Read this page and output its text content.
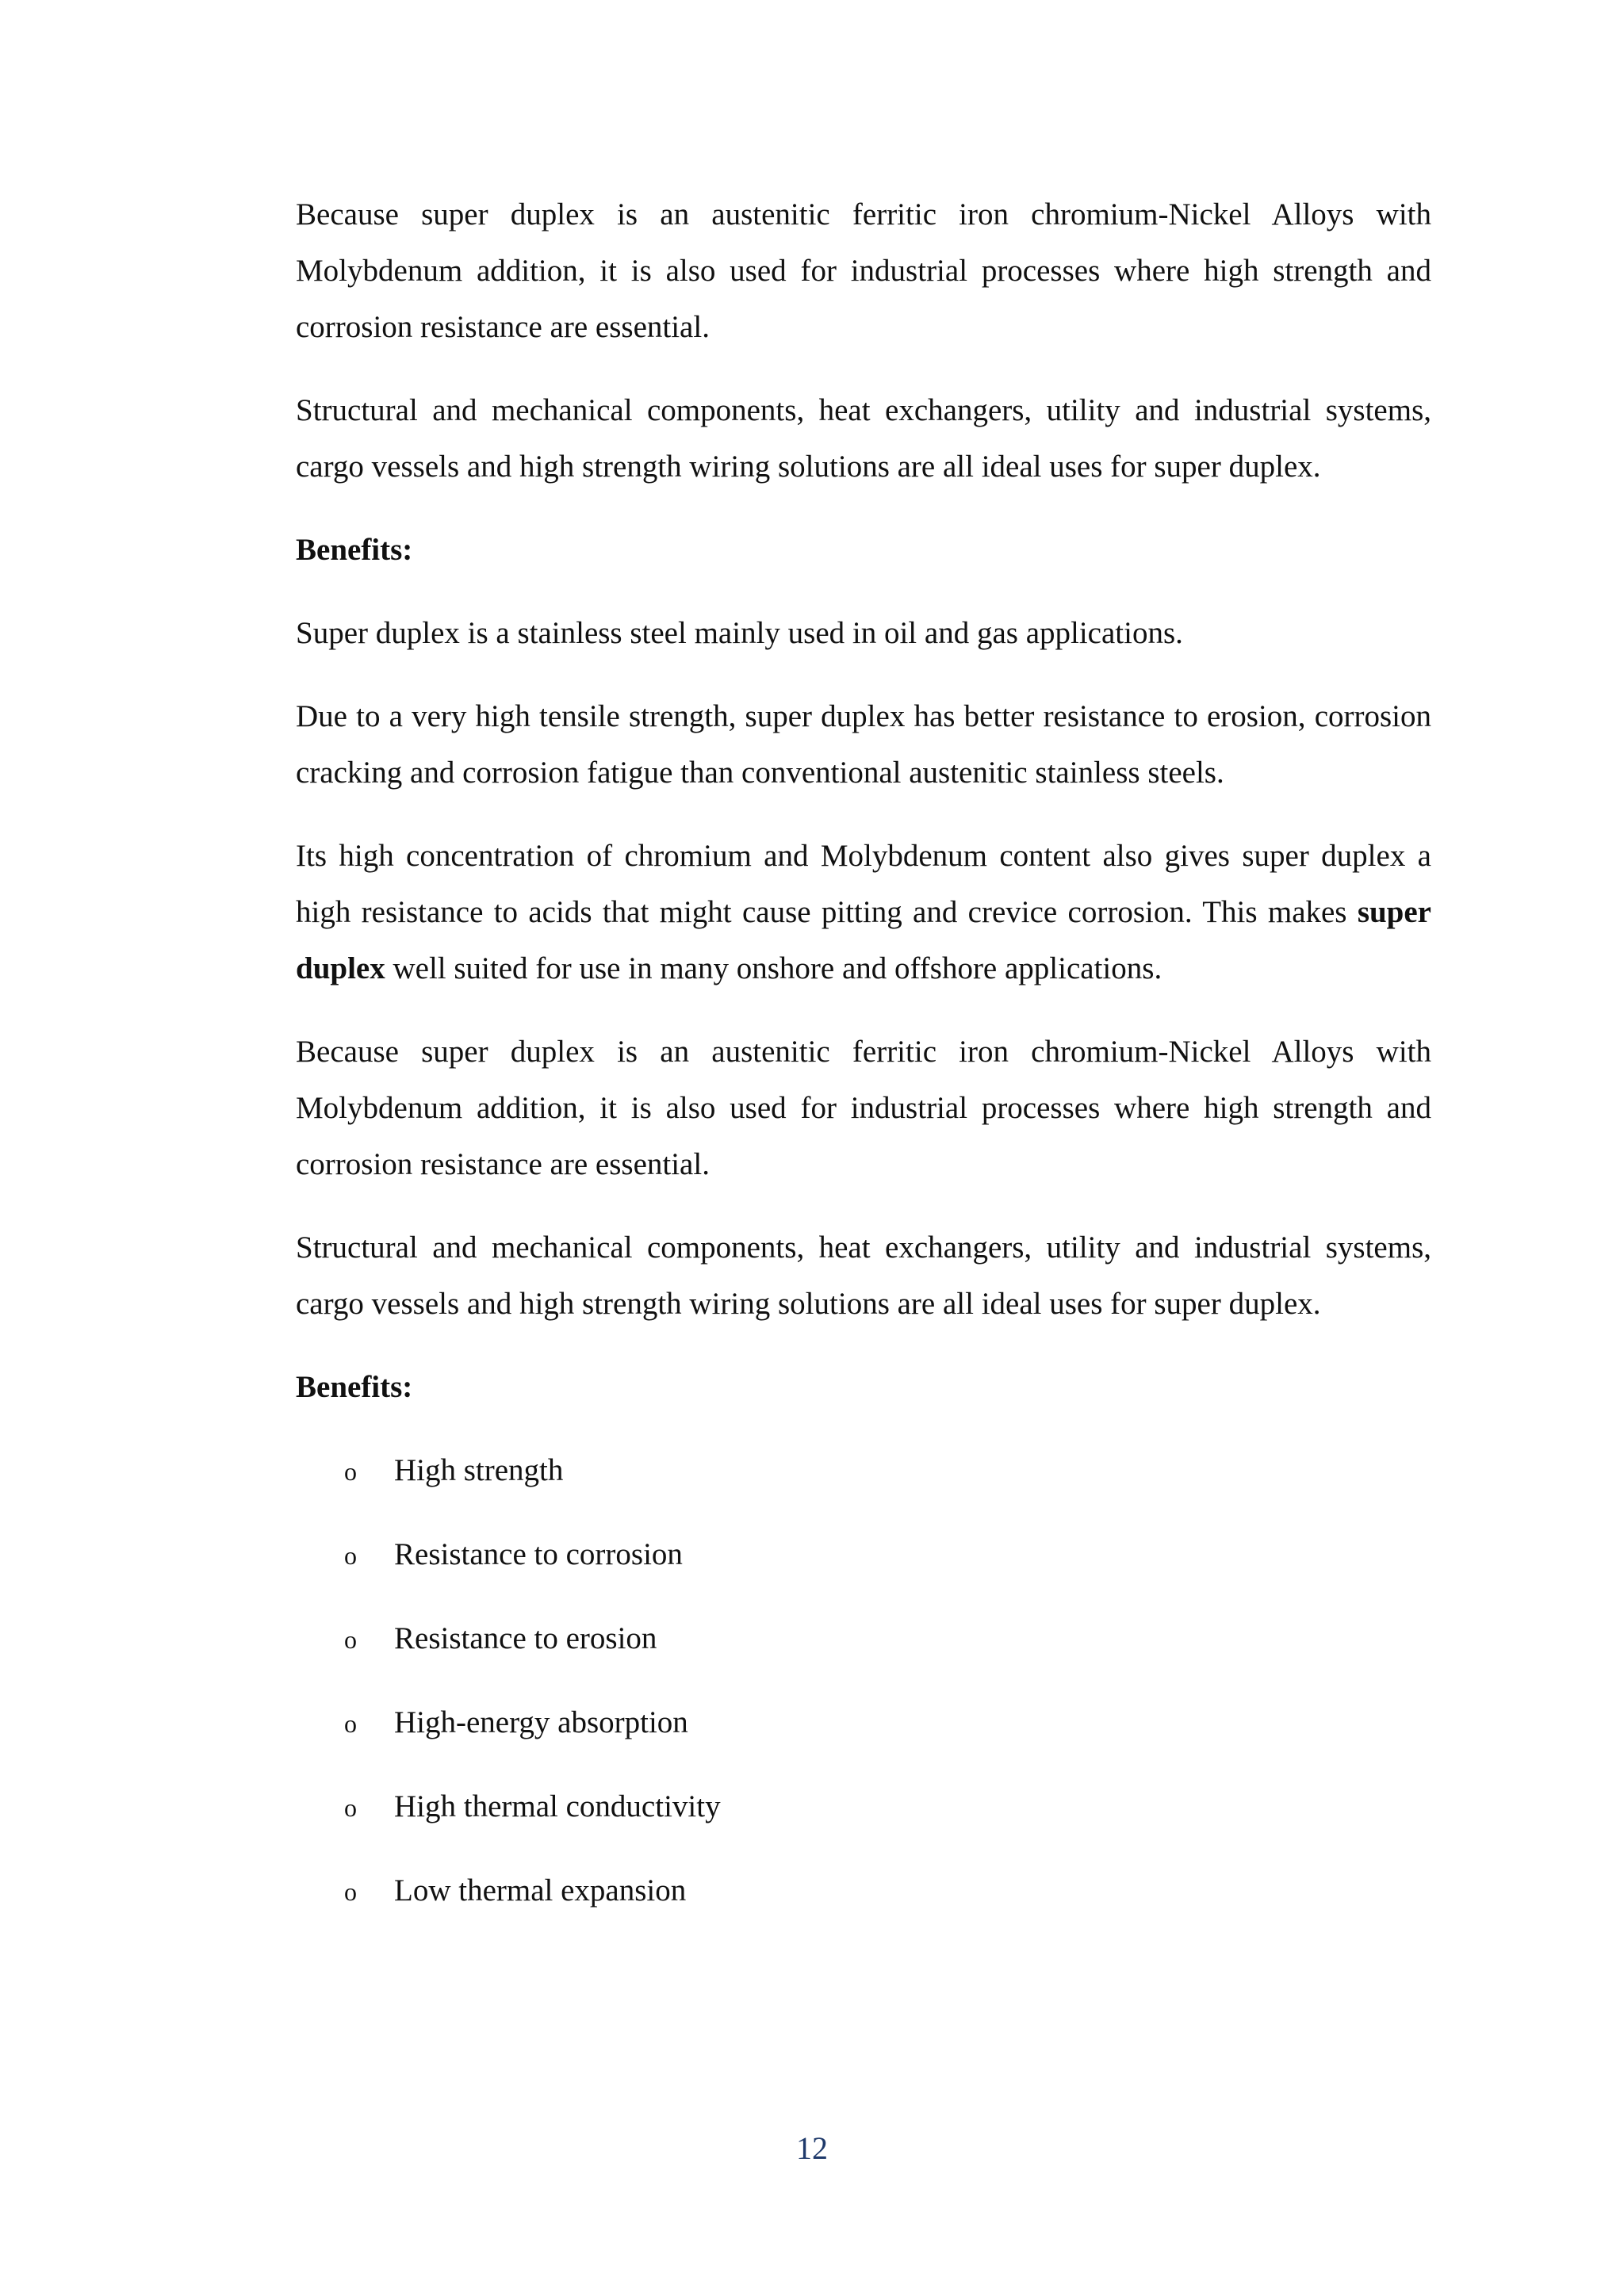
Because super duplex is an austenitic ferritic iron chromium-Nickel Alloys with Molybdenum addition, it is also used for industrial processes where high strength and corrosion resistance are essential.

Structural and mechanical components, heat exchangers, utility and industrial systems, cargo vessels and high strength wiring solutions are all ideal uses for super duplex.

Benefits:

Super duplex is a stainless steel mainly used in oil and gas applications.

Due to a very high tensile strength, super duplex has better resistance to erosion, corrosion cracking and corrosion fatigue than conventional austenitic stainless steels.

Its high concentration of chromium and Molybdenum content also gives super duplex a high resistance to acids that might cause pitting and crevice corrosion. This makes super duplex well suited for use in many onshore and offshore applications.

Because super duplex is an austenitic ferritic iron chromium-Nickel Alloys with Molybdenum addition, it is also used for industrial processes where high strength and corrosion resistance are essential.

Structural and mechanical components, heat exchangers, utility and industrial systems, cargo vessels and high strength wiring solutions are all ideal uses for super duplex.

Benefits:

o High strength
o Resistance to corrosion
o Resistance to erosion
o High-energy absorption
o High thermal conductivity
o Low thermal expansion
12
